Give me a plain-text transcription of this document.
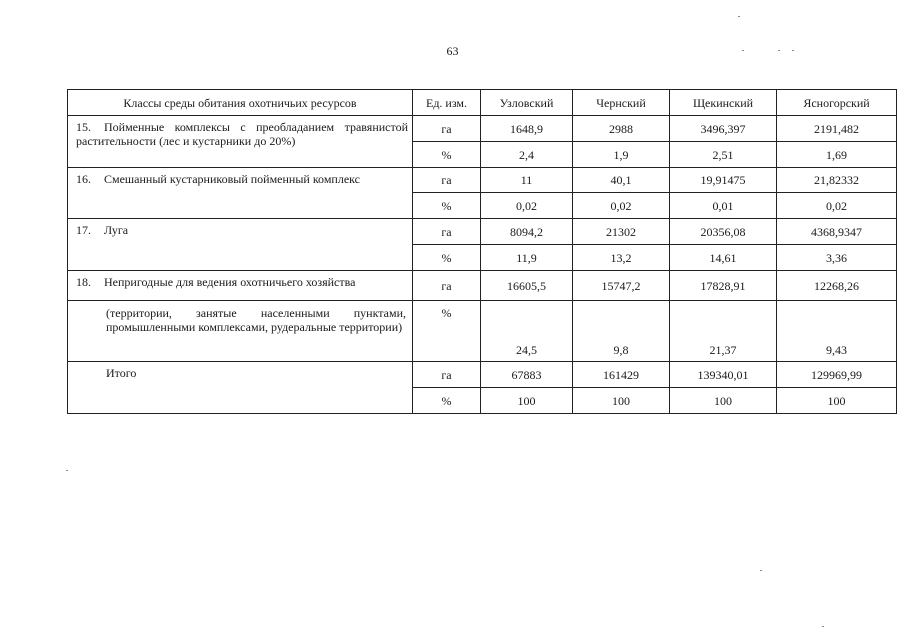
63
Классы среды обитания охотничьих ресурсов	Ед. изм.	Узловский	Чернский	Щекинский	Ясногорский
15. Пойменные комплексы с преобладанием травянистой растительности (лес и кустарники до 20%)	га	1648,9	2988	3496,397	2191,482
	%	2,4	1,9	2,51	1,69
16. Смешанный кустарниковый пойменный комплекс	га	11	40,1	19,91475	21,82332
	%	0,02	0,02	0,01	0,02
17. Луга	га	8094,2	21302	20356,08	4368,9347
	%	11,9	13,2	14,61	3,36
18. Непригодные для ведения охотничьего хозяйства	га	16605,5	15747,2	17828,91	12268,26
(территории, занятые населенными пунктами, промышленными комплексами, рудеральные территории)	%	24,5	9,8	21,37	9,43
Итого	га	67883	161429	139340,01	129969,99
	%	100	100	100	100
